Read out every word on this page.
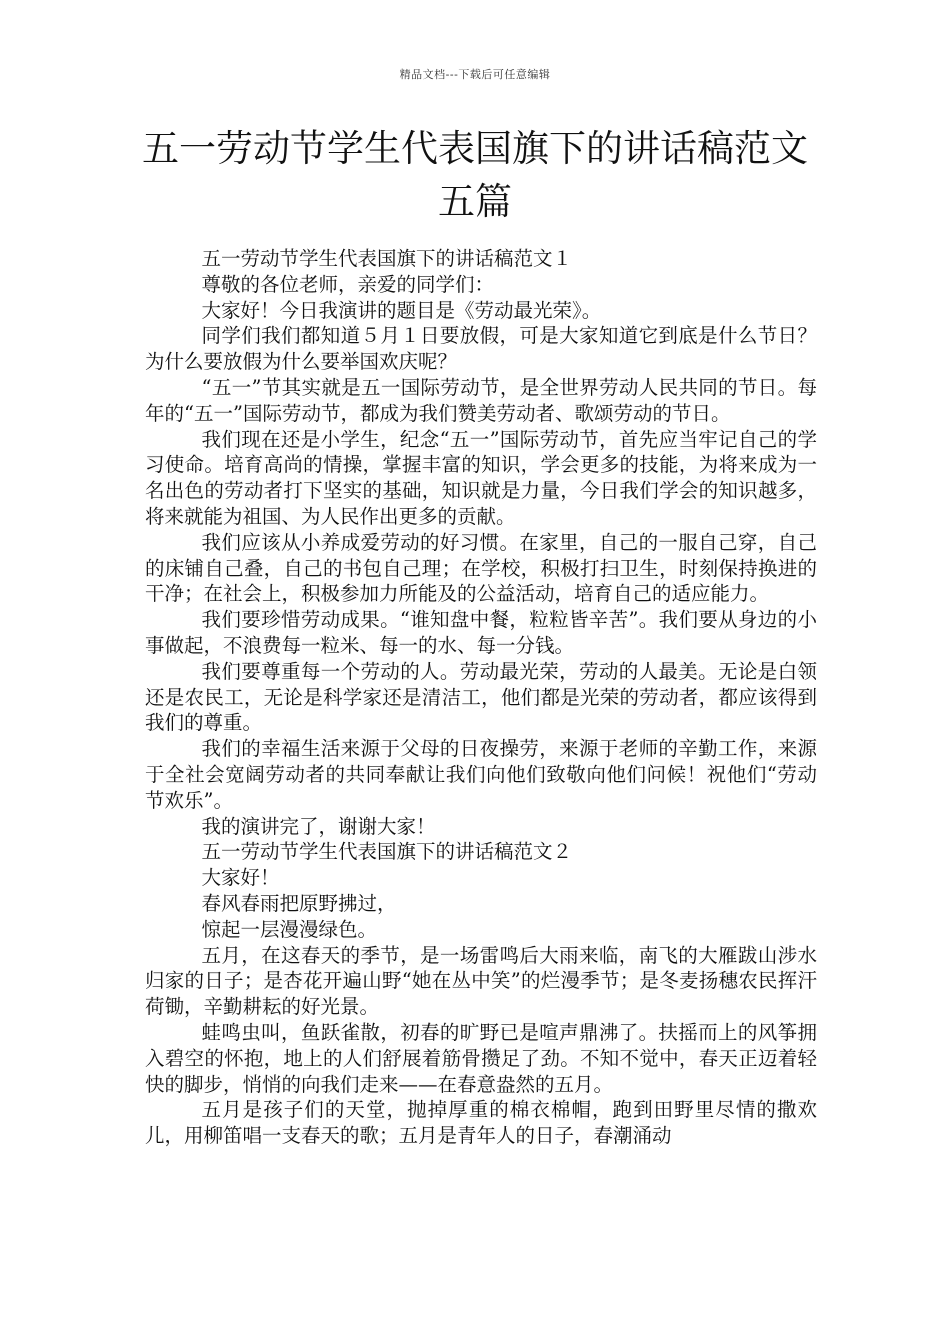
精品文档---下载后可任意编辑
五一劳动节学生代表国旗下的讲话稿范文
五篇

五一劳动节学生代表国旗下的讲话稿范文１

尊敬的各位老师，亲爱的同学们：

大家好！今日我演讲的题目是《劳动最光荣》。

同学们我们都知道５月１日要放假，可是大家知道它到底是什么节日？为什么要放假为什么要举国欢庆呢？

“五一”节其实就是五一国际劳动节，是全世界劳动人民共同的节日。每年的“五一”国际劳动节，都成为我们赞美劳动者、歌颂劳动的节日。

我们现在还是小学生，纪念“五一”国际劳动节，首先应当牢记自己的学习使命。培育高尚的情操，掌握丰富的知识，学会更多的技能，为将来成为一名出色的劳动者打下坚实的基础，知识就是力量，今日我们学会的知识越多，将来就能为祖国、为人民作出更多的贡献。

我们应该从小养成爱劳动的好习惯。在家里，自己的一服自己穿，自己的床铺自己叠，自己的书包自己理；在学校，积极打扫卫生，时刻保持换进的干净；在社会上，积极参加力所能及的公益活动，培育自己的适应能力。

我们要珍惜劳动成果。“谁知盘中餐，粒粒皆辛苦”。我们要从身边的小事做起，不浪费每一粒米、每一的水、每一分钱。

我们要尊重每一个劳动的人。劳动最光荣，劳动的人最美。无论是白领还是农民工，无论是科学家还是清洁工，他们都是光荣的劳动者，都应该得到我们的尊重。

我们的幸福生活来源于父母的日夜操劳，来源于老师的辛勤工作，来源于全社会宽阔劳动者的共同奉献让我们向他们致敬向他们问候！祝他们“劳动节欢乐”。

我的演讲完了，谢谢大家！

五一劳动节学生代表国旗下的讲话稿范文２

大家好！

春风春雨把原野拂过，

惊起一层漫漫绿色。

五月，在这春天的季节，是一场雷鸣后大雨来临，南飞的大雁跋山涉水归家的日子；是杏花开遍山野“她在丛中笑”的烂漫季节；是冬麦扬穗农民挥汗荷锄，辛勤耕耘的好光景。

蛙鸣虫叫，鱼跃雀散，初春的旷野已是喧声鼎沸了。扶摇而上的风筝拥入碧空的怀抱，地上的人们舒展着筋骨攒足了劲。不知不觉中，春天正迈着轻快的脚步，悄悄的向我们走来——在春意盎然的五月。

五月是孩子们的天堂，抛掉厚重的棉衣棉帽，跑到田野里尽情的撒欢儿，用柳笛唱一支春天的歌；五月是青年人的日子，春潮涌动
